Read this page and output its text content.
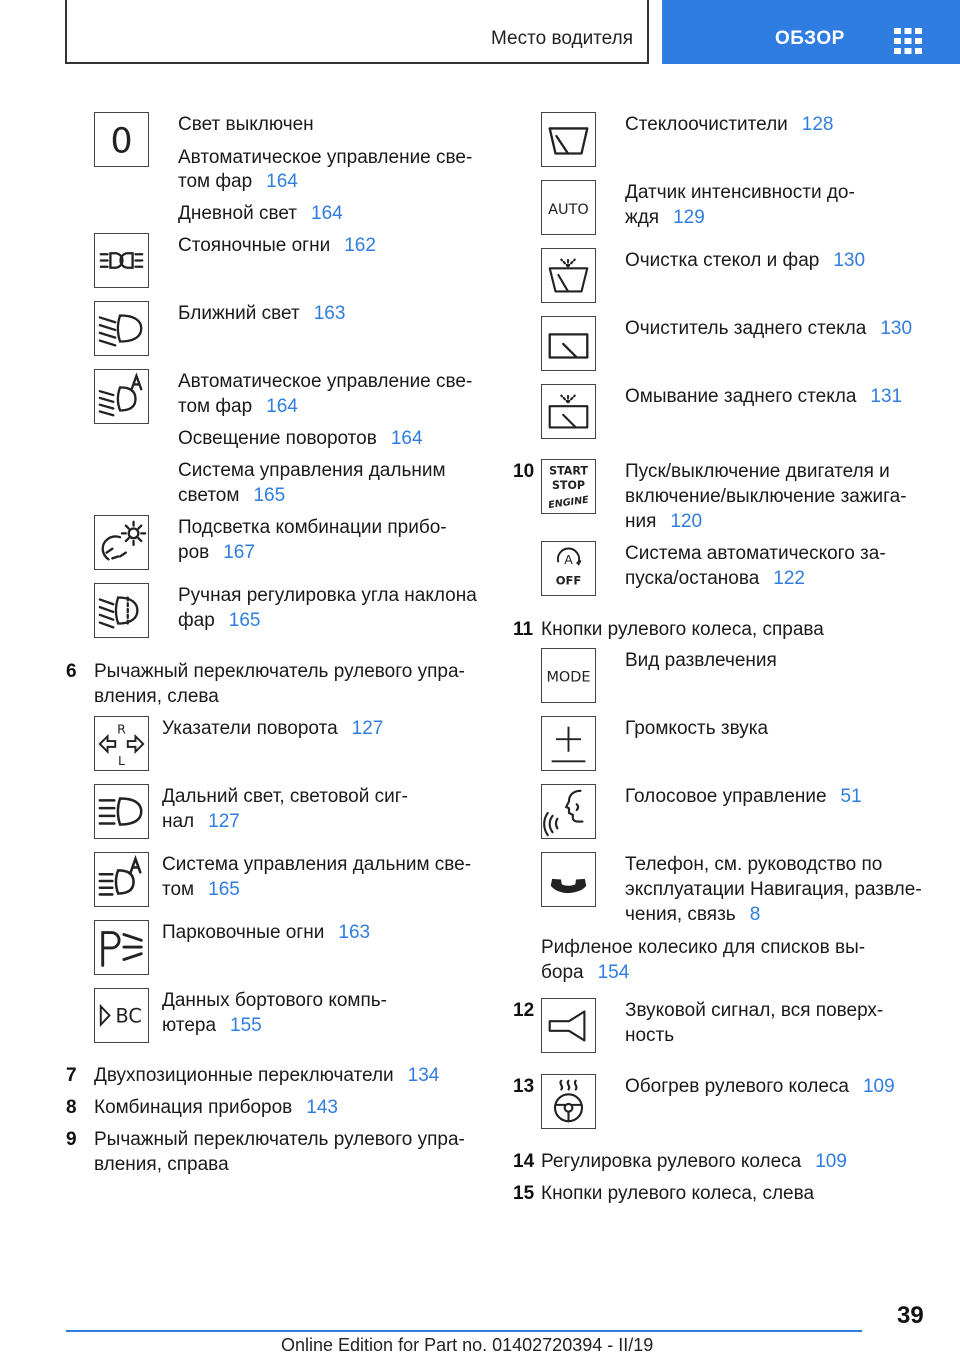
Место водителя	ОБЗОР
0 Свет выключен
Автоматическое управление све-
том фар 164
Дневной свет 164
Стояночные огни 162
Ближний свет 163
Автоматическое управление све-
том фар 164
Освещение поворотов 164
Система управления дальним
светом 165
Подсветка комбинации прибо-
ров 167
Ручная регулировка угла наклона
фар 165
6 Рычажный переключатель рулевого упра-
вления, слева
R
L
Указатели поворота 127
Дальний свет, световой сиг-
нал 127
Система управления дальним све-
том 165
Парковочные огни 163
BC
Данных бортового компь-
ютера 155
7 Двухпозиционные переключатели 134
8 Комбинация приборов 143
9 Рычажный переключатель рулевого упра-
вления, справа
Стеклоочистители 128
AUTO
Датчик интенсивности до-
ждя 129
Очистка стекол и фар 130
Очиститель заднего стекла 130
Омывание заднего стекла 131
10 START
STOP
ENGINE
Пуск/выключение двигателя и
включение/выключение зажига-
ния 120
A
OFF
Система автоматического за-
пуска/останова 122
11 Кнопки рулевого колеса, справа
MODE
Вид развлечения
Громкость звука
Голосовое управление 51
Телефон, см. руководство по
эксплуатации Навигация, развле-
чения, связь 8
Рифленое колесико для списков вы-
бора 154
12	Звуковой сигнал, вся поверх-
ность
13	Обогрев рулевого колеса 109
14 Регулировка рулевого колеса 109
15 Кнопки рулевого колеса, слева
39
Online Edition for Part no. 01402720394 - II/19
